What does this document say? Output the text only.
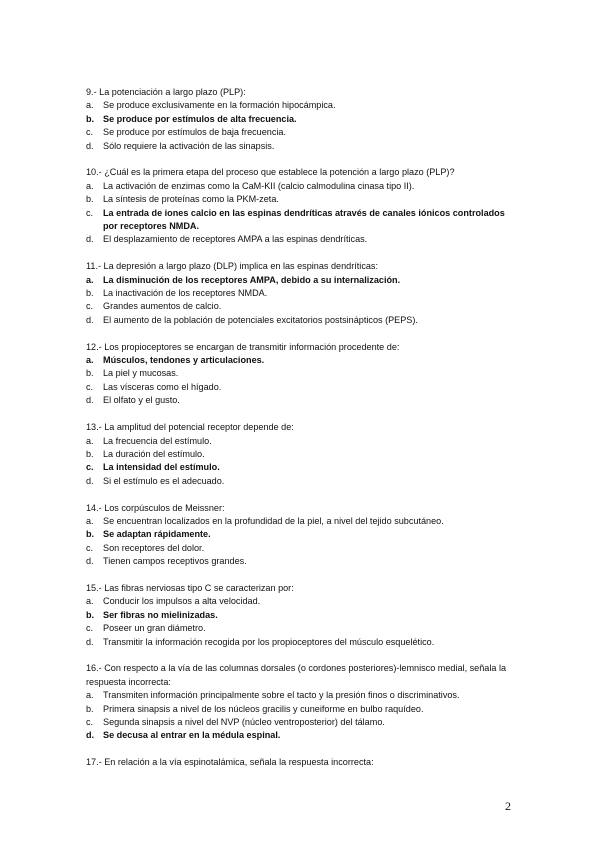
9.- La potenciación a largo plazo (PLP):
a. Se produce exclusivamente en la formación hipocámpica.
b. Se produce por estímulos de alta frecuencia.
c. Se produce por estímulos de baja frecuencia.
d. Sólo requiere la activación de las sinapsis.
10.- ¿Cuál es la primera etapa del proceso que establece la potención a largo plazo (PLP)?
a. La activación de enzimas como la CaM-KII (calcio calmodulina cinasa tipo II).
b. La síntesis de proteínas como la PKM-zeta.
c. La entrada de iones calcio en las espinas dendríticas através de canales iónicos controlados por receptores NMDA.
d. El desplazamiento de receptores AMPA a las espinas dendríticas.
11.- La depresión a largo plazo (DLP) implica en las espinas dendríticas:
a. La disminución de los receptores AMPA, debido a su internalización.
b. La inactivación de los receptores NMDA.
c. Grandes aumentos de calcio.
d. El aumento de la población de potenciales excitatorios postsinápticos (PEPS).
12.- Los propioceptores se encargan de transmitir información procedente de:
a. Músculos, tendones y articulaciones.
b. La piel y mucosas.
c. Las vísceras como el hígado.
d. El olfato y el gusto.
13.- La amplitud del potencial receptor depende de:
a. La frecuencia del estímulo.
b. La duración del estímulo.
c. La intensidad del estímulo.
d. Si el estímulo es el adecuado.
14.- Los corpúsculos de Meissner:
a. Se encuentran localizados en la profundidad de la piel, a nivel del tejido subcutáneo.
b. Se adaptan rápidamente.
c. Son receptores del dolor.
d. Tienen campos receptivos grandes.
15.- Las fibras nerviosas tipo C se caracterizan por:
a. Conducir los impulsos a alta velocidad.
b. Ser fibras no mielinizadas.
c. Poseer un gran diámetro.
d. Transmitir la información recogida por los propioceptores del músculo esquelético.
16.- Con respecto a la vía de las columnas dorsales (o cordones posteriores)-lemnisco medial, señala la respuesta incorrecta:
a. Transmiten información principalmente sobre el tacto y la presión finos o discriminativos.
b. Primera sinapsis a nivel de los núcleos gracilis y cuneiforme en bulbo raquídeo.
c. Segunda sinapsis a nivel del NVP (núcleo ventroposterior) del tálamo.
d. Se decusa al entrar en la médula espinal.
17.- En relación a la vía espinotalámica, señala la respuesta incorrecta:
2
